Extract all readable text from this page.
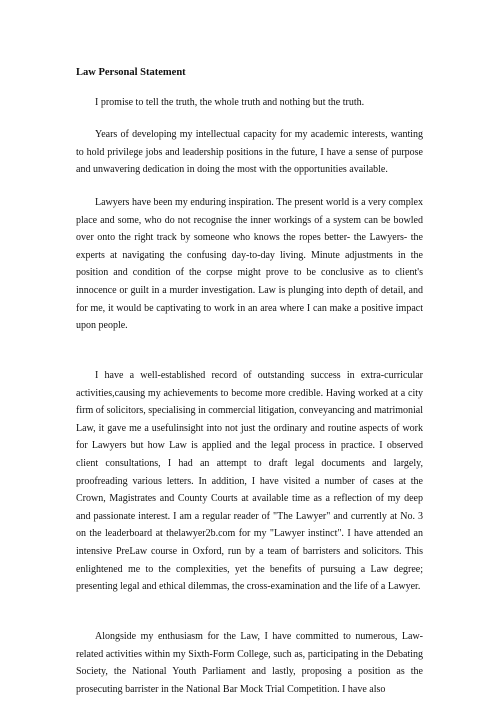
Law Personal Statement

I promise to tell the truth, the whole truth and nothing but the truth.

Years of developing my intellectual capacity for my academic interests, wanting to hold privilege jobs and leadership positions in the future, I have a sense of purpose and unwavering dedication in doing the most with the opportunities available.

Lawyers have been my enduring inspiration. The present world is a very complex place and some, who do not recognise the inner workings of a system can be bowled over onto the right track by someone who knows the ropes better- the Lawyers- the experts at navigating the confusing day-to-day living. Minute adjustments in the position and condition of the corpse might prove to be conclusive as to client's innocence or guilt in a murder investigation. Law is plunging into depth of detail, and for me, it would be captivating to work in an area where I can make a positive impact upon people.

I have a well-established record of outstanding success in extra-curricular activities,causing my achievements to become more credible. Having worked at a city firm of solicitors, specialising in commercial litigation, conveyancing and matrimonial Law, it gave me a usefulinsight into not just the ordinary and routine aspects of work for Lawyers but how Law is applied and the legal process in practice. I observed client consultations, I had an attempt to draft legal documents and largely, proofreading various letters. In addition, I have visited a number of cases at the Crown, Magistrates and County Courts at available time as a reflection of my deep and passionate interest. I am a regular reader of "The Lawyer" and currently at No. 3 on the leaderboard at thelawyer2b.com for my "Lawyer instinct". I have attended an intensive PreLaw course in Oxford, run by a team of barristers and solicitors. This enlightened me to the complexities, yet the benefits of pursuing a Law degree; presenting legal and ethical dilemmas, the cross-examination and the life of a Lawyer.

Alongside my enthusiasm for the Law, I have committed to numerous, Law-related activities within my Sixth-Form College, such as, participating in the Debating Society, the National Youth Parliament and lastly, proposing a position as the prosecuting barrister in the National Bar Mock Trial Competition. I have also
